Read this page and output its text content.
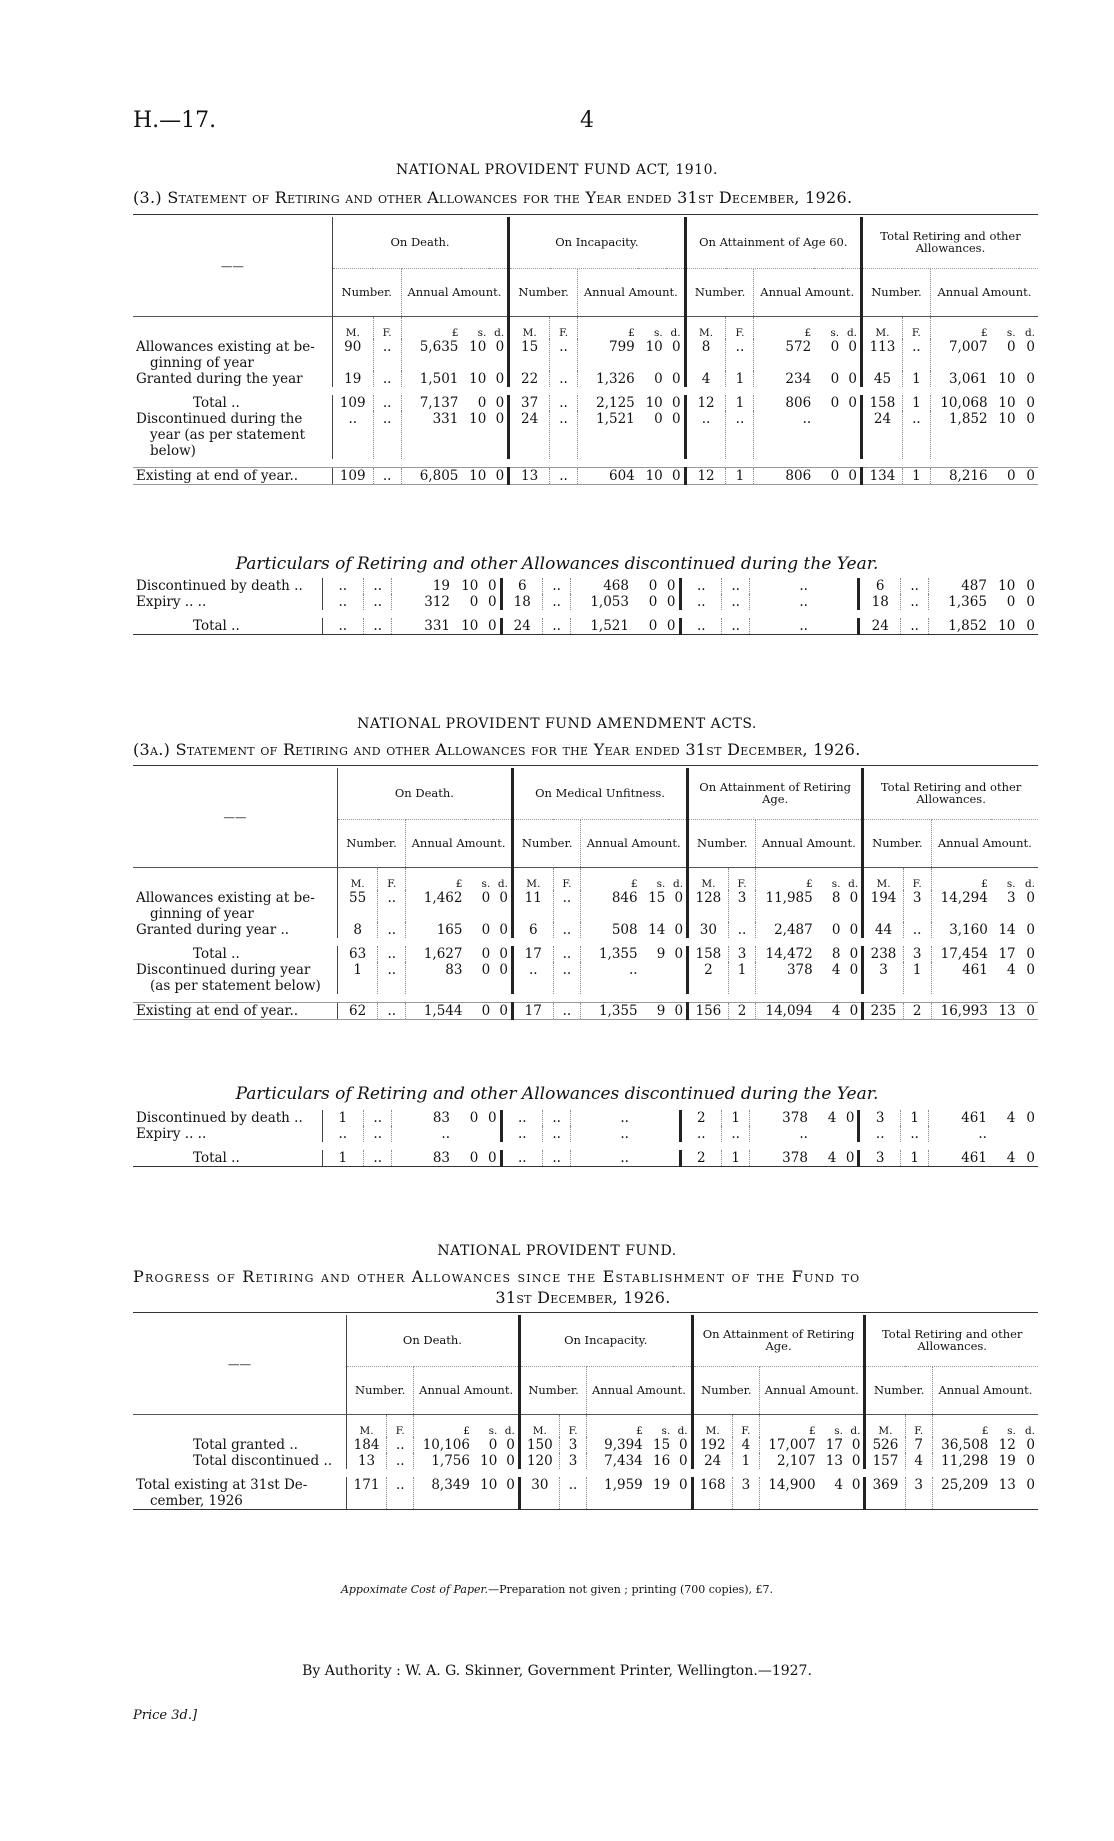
H.—17.	4
NATIONAL PROVIDENT FUND ACT, 1910.
(3.) Statement of Retiring and other Allowances for the Year ended 31st December, 1926.

——	On Death.					On Incapacity.					On Attainment of Age 60.					Total Retiring and other Allowances.				
	Number.		Annual Amount.			Number.		Annual Amount.			Number.		Annual Amount.			Number.		Annual Amount.		
	M.	F.	£	s.	d.	M.	F.	£	s.	d.	M.	F.	£	s.	d.	M.	F.	£	s.	d.
Allowances existing at be-
ginning of year	90	..	5,635	10	0	15	..	799	10	0	8	..	572	0	0	113	..	7,007	0	0
Granted during the year	19	..	1,501	10	0	22	..	1,326	0	0	4	1	234	0	0	45	1	3,061	10	0

Total ..	109	..	7,137	0	0	37	..	2,125	10	0	12	1	806	0	0	158	1	10,068	10	0
Discontinued during the
year (as per statement
below)	..	..	331	10	0	24	..	1,521	0	0	..	..	..			24	..	1,852	10	0

Existing at end of year..	109	..	6,805	10	0	13	..	604	10	0	12	1	806	0	0	134	1	8,216	0	0
Particulars of Retiring and other Allowances discontinued during the Year.
Discontinued by death ..	..	..	19	10	0	6	..	468	0	0	..	..	..			6	..	487	10	0
Expiry .. ..	..	..	312	0	0	18	..	1,053	0	0	..	..	..			18	..	1,365	0	0

Total ..	..	..	331	10	0	24	..	1,521	0	0	..	..	..			24	..	1,852	10	0

NATIONAL PROVIDENT FUND AMENDMENT ACTS.
(3a.) Statement of Retiring and other Allowances for the Year ended 31st December, 1926.

——	On Death.					On Medical Unfitness.					On Attainment of Retiring Age.					Total Retiring and other Allowances.				
	Number.		Annual Amount.			Number.		Annual Amount.			Number.		Annual Amount.			Number.		Annual Amount.		
	M.	F.	£	s.	d.	M.	F.	£	s.	d.	M.	F.	£	s.	d.	M.	F.	£	s.	d.
Allowances existing at be-
ginning of year	55	..	1,462	0	0	11	..	846	15	0	128	3	11,985	8	0	194	3	14,294	3	0
Granted during year ..	8	..	165	0	0	6	..	508	14	0	30	..	2,487	0	0	44	..	3,160	14	0

Total ..	63	..	1,627	0	0	17	..	1,355	9	0	158	3	14,472	8	0	238	3	17,454	17	0
Discontinued during year
(as per statement below)	1	..	83	0	0	..	..	..			2	1	378	4	0	3	1	461	4	0

Existing at end of year..	62	..	1,544	0	0	17	..	1,355	9	0	156	2	14,094	4	0	235	2	16,993	13	0
Particulars of Retiring and other Allowances discontinued during the Year.
Discontinued by death ..	1	..	83	0	0	..	..	..			2	1	378	4	0	3	1	461	4	0
Expiry .. ..	..	..	..			..	..	..			..	..	..			..	..	..		

Total ..	1	..	83	0	0	..	..	..			2	1	378	4	0	3	1	461	4	0

NATIONAL PROVIDENT FUND.
Progress of Retiring and other Allowances since the Establishment of the Fund to
31st December, 1926.

——	On Death.					On Incapacity.					On Attainment of Retiring Age.					Total Retiring and other Allowances.				
	Number.		Annual Amount.			Number.		Annual Amount.			Number.		Annual Amount.			Number.		Annual Amount.		
	M.	F.	£	s.	d.	M.	F.	£	s.	d.	M.	F.	£	s.	d.	M.	F.	£	s.	d.
Total granted ..	184	..	10,106	0	0	150	3	9,394	15	0	192	4	17,007	17	0	526	7	36,508	12	0
Total discontinued ..	13	..	1,756	10	0	120	3	7,434	16	0	24	1	2,107	13	0	157	4	11,298	19	0

Total existing at 31st De-
cember, 1926	171	..	8,349	10	0	30	..	1,959	19	0	168	3	14,900	4	0	369	3	25,209	13	0

Appoximate Cost of Paper.—Preparation not given ; printing (700 copies), £7.
By Authority : W. A. G. Skinner, Government Printer, Wellington.—1927.
Price 3d.]
